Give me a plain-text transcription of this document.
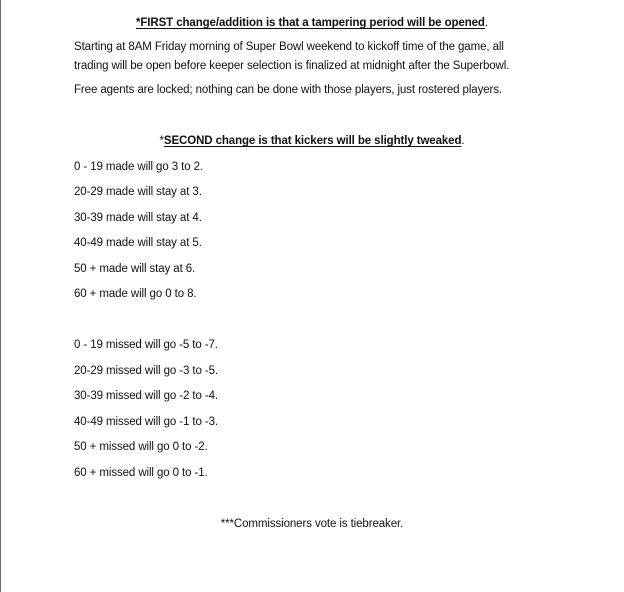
*FIRST change/addition is that a tampering period will be opened.
Starting at 8AM Friday morning of Super Bowl weekend to kickoff time of the game, all
trading will be open before keeper selection is finalized at midnight after the Superbowl.
Free agents are locked; nothing can be done with those players, just rostered players.
*SECOND change is that kickers will be slightly tweaked.
0 - 19 made will go 3 to 2.
20-29 made will stay at 3.
30-39 made will stay at 4.
40-49 made will stay at 5.
50 + made will stay at 6.
60 + made will go 0 to 8.
0 - 19 missed will go -5 to -7.
20-29 missed will go -3 to -5.
30-39 missed will go -2 to -4.
40-49 missed will go -1 to -3.
50 + missed will go 0 to -2.
60 + missed will go 0 to -1.
***Commissioners vote is tiebreaker.
